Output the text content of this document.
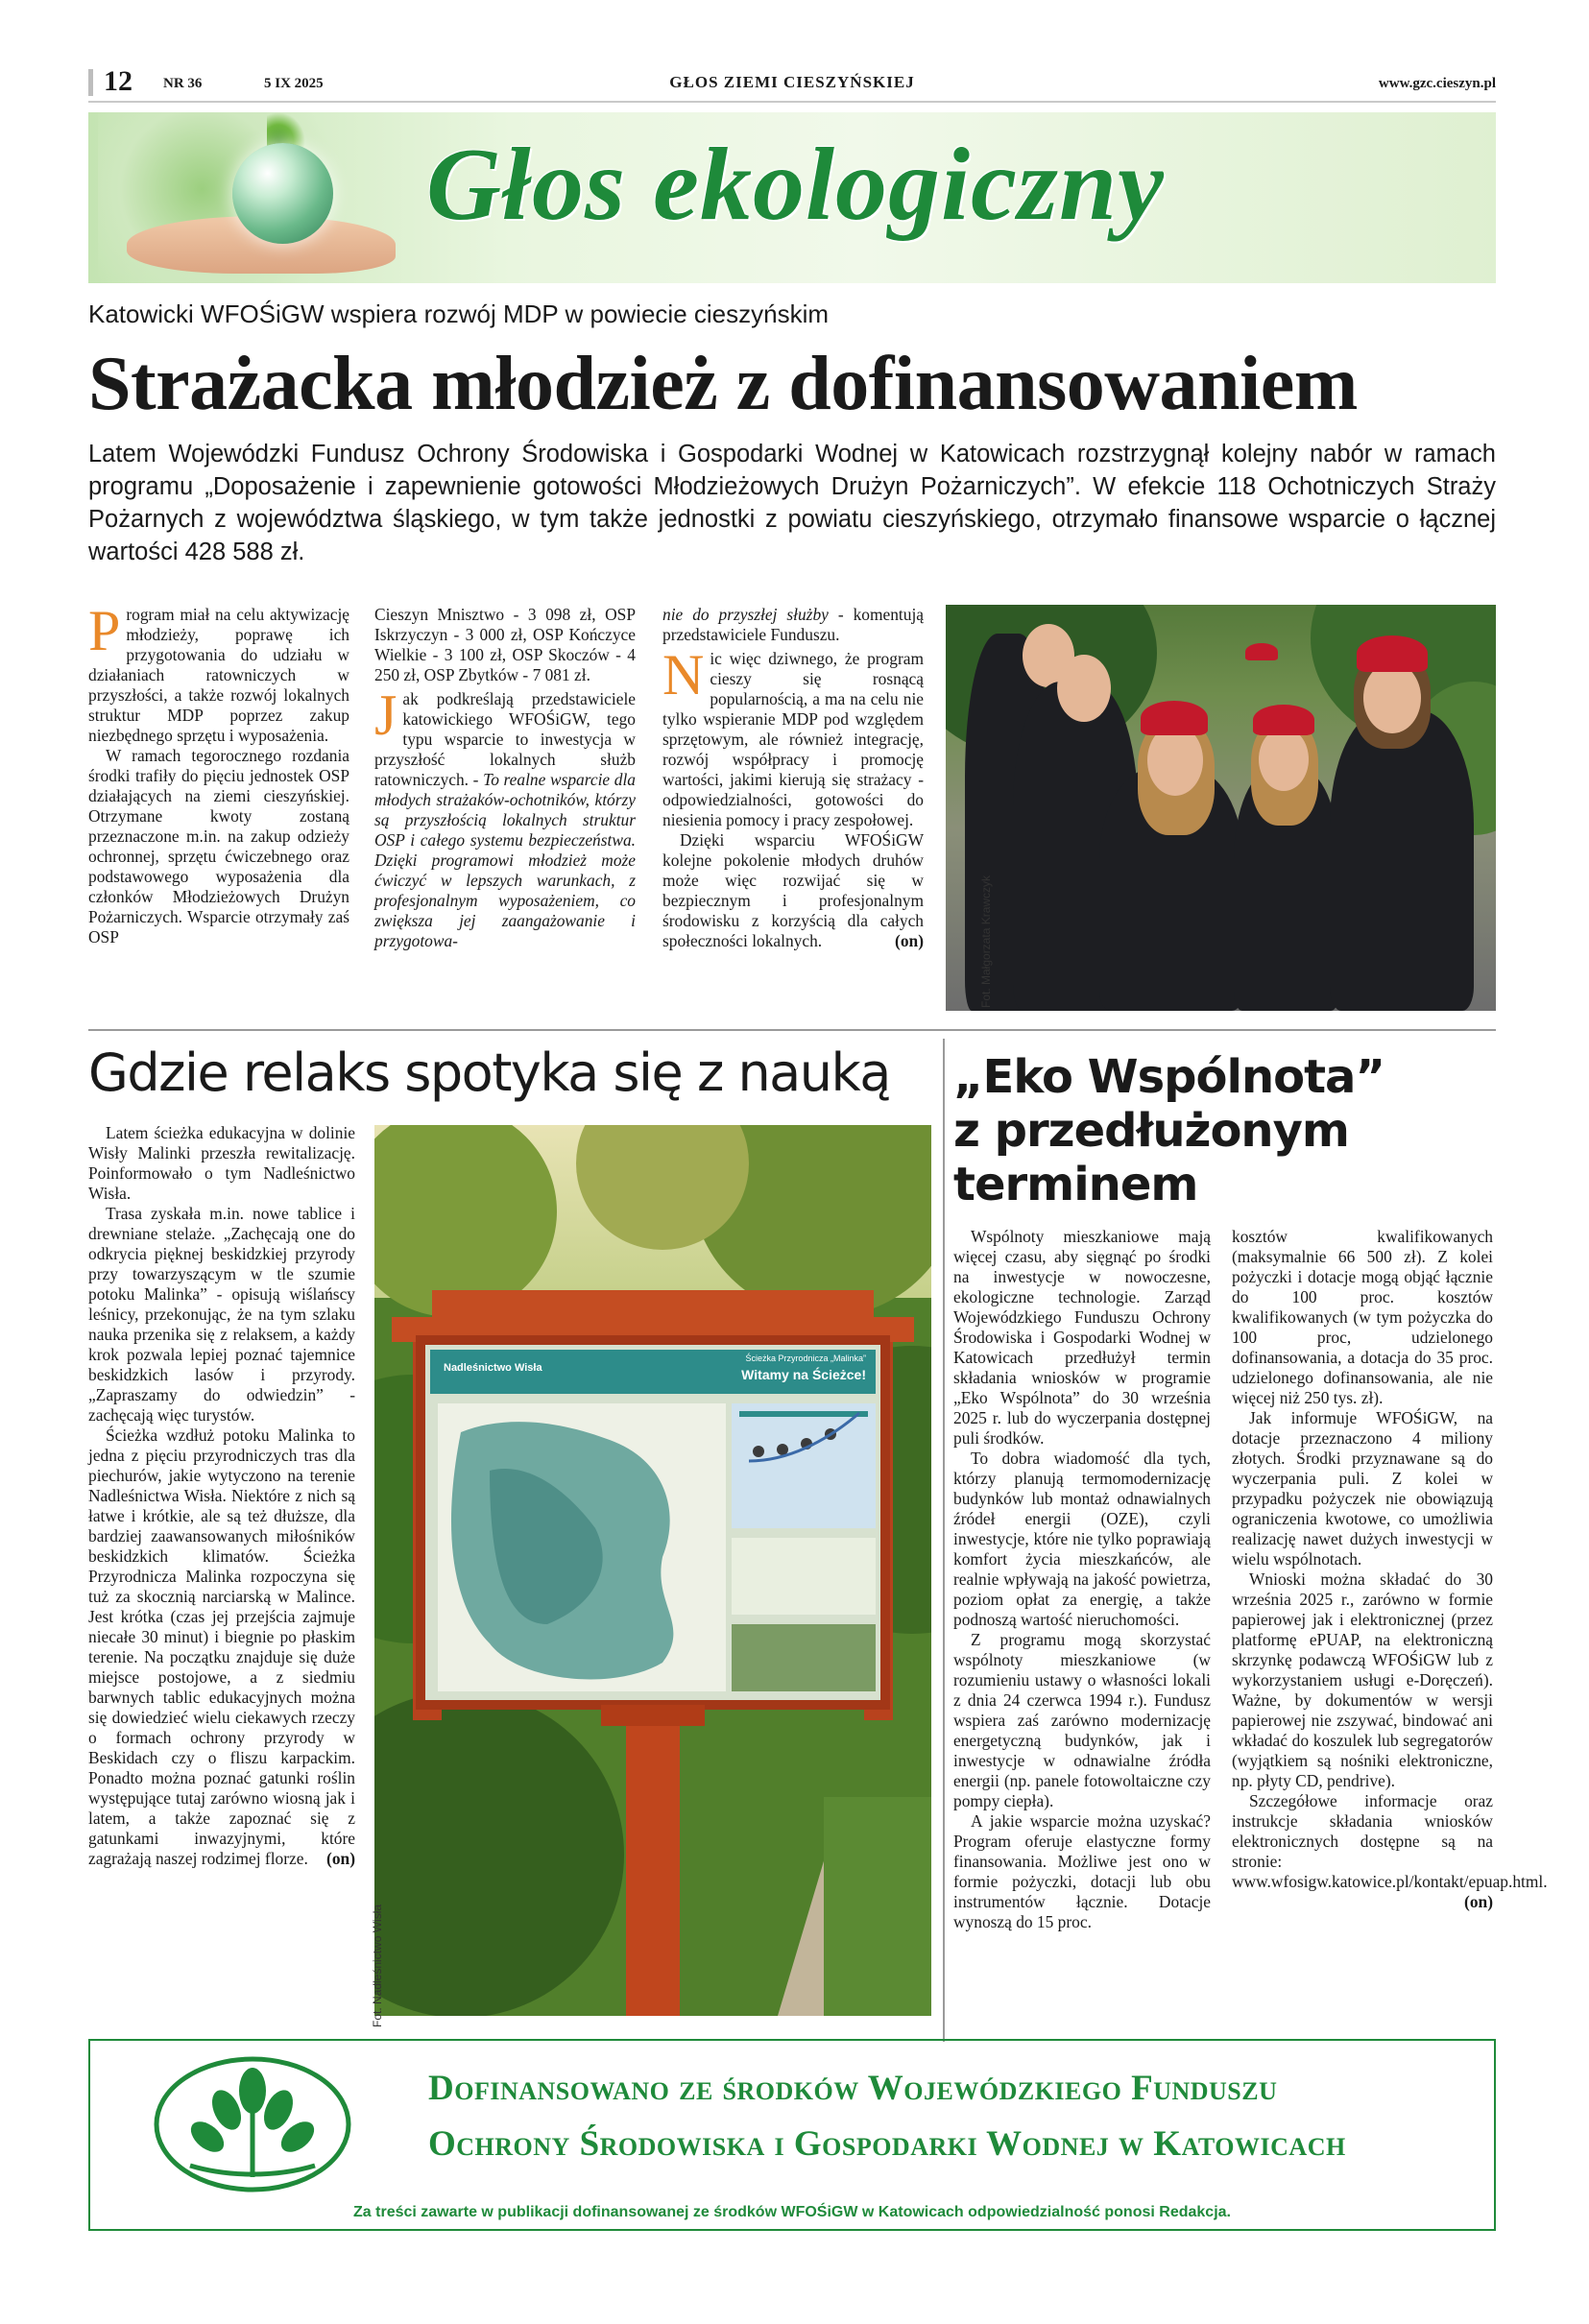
12 NR 36	5 IX 2025	GŁOS ZIEMI CIESZYŃSKIEJ	www.gzc.cieszyn.pl
Głos ekologiczny
Katowicki WFOŚiGW wspiera rozwój MDP w powiecie cieszyńskim
Strażacka młodzież z dofinansowaniem
Latem Wojewódzki Fundusz Ochrony Środowiska i Gospodarki Wodnej w Katowicach rozstrzygnął kolejny nabór w ramach programu „Doposażenie i zapewnienie gotowości Młodzieżowych Drużyn Pożarniczych”. W efekcie 118 Ochotniczych Straży Pożarnych z województwa śląskiego, w tym także jednostki z powiatu cieszyńskiego, otrzymało finansowe wsparcie o łącznej wartości 428 588 zł.

Program miał na celu aktywizację młodzieży, poprawę ich przygotowania do udziału w działaniach ratowniczych w przyszłości, a także rozwój lokalnych struktur MDP poprzez zakup niezbędnego sprzętu i wyposażenia.

W ramach tegorocznego rozdania środki trafiły do pięciu jednostek OSP działających na ziemi cieszyńskiej. Otrzymane kwoty zostaną przeznaczone m.in. na zakup odzieży ochronnej, sprzętu ćwiczebnego oraz podstawowego wyposażenia dla członków Młodzieżowych Drużyn Pożarniczych. Wsparcie otrzymały zaś OSP

Cieszyn Mnisztwo - 3 098 zł, OSP Iskrzyczyn - 3 000 zł, OSP Kończyce Wielkie - 3 100 zł, OSP Skoczów - 4 250 zł, OSP Zbytków - 7 081 zł.

Jak podkreślają przedstawiciele katowickiego WFOŚiGW, tego typu wsparcie to inwestycja w przyszłość lokalnych służb ratowniczych. - To realne wsparcie dla młodych strażaków-ochotników, którzy są przyszłością lokalnych struktur OSP i całego systemu bezpieczeństwa. Dzięki programowi młodzież może ćwiczyć w lepszych warunkach, z profesjonalnym wyposażeniem, co zwiększa jej zaangażowanie i przygotowa-

nie do przyszłej służby - komentują przedstawiciele Funduszu.

Nic więc dziwnego, że program cieszy się rosnącą popularnością, a ma na celu nie tylko wspieranie MDP pod względem sprzętowym, ale również integrację, rozwój współpracy i promocję wartości, jakimi kierują się strażacy - odpowiedzialności, gotowości do niesienia pomocy i pracy zespołowej.

Dzięki wsparciu WFOŚiGW kolejne pokolenie młodych druhów może więc rozwijać się w bezpiecznym i profesjonalnym środowisku z korzyścią dla całych społeczności lokalnych.	(on)	Fot. Małgorzata Krawczyk
Gdzie relaks spotyka się z nauką

Latem ścieżka edukacyjna w dolinie Wisły Malinki przeszła rewitalizację. Poinformowało o tym Nadleśnictwo Wisła.

Trasa zyskała m.in. nowe tablice i drewniane stelaże. „Zachęcają one do odkrycia pięknej beskidzkiej przyrody przy towarzyszącym w tle szumie potoku Malinka” - opisują wiślańscy leśnicy, przekonując, że na tym szlaku naukа przenika się z relaksem, a każdy krok pozwala lepiej poznać tajemnice beskidzkich lasów i przyrody. „Zapraszamy do odwiedzin” - zachęcają więc turystów.

Ścieżka wzdłuż potoku Malinka to jedna z pięciu przyrodniczych tras dla piechurów, jakie wytyczono na terenie Nadleśnictwa Wisła. Niektóre z nich są łatwe i krótkie, ale są też dłuższe, dla bardziej zaawansowanych miłośników beskidzkich klimatów. Ścieżka Przyrodnicza Malinka rozpoczyna się tuż za skocznią narciarską w Malince. Jest krótka (czas jej przejścia zajmuje niecałe 30 minut) i biegnie po płaskim terenie. Na początku znajduje się duże miejsce postojowe, a z siedmiu barwnych tablic edukacyjnych można się dowiedzieć wielu ciekawych rzeczy o formach ochrony przyrody w Beskidach czy o fliszu karpackim. Ponadto można poznać gatunki roślin występujące tutaj zarówno wiosną jak i latem, a także zapoznać się z gatunkami inwazyjnymi, które zagrażają naszej rodzimej florze.	(on)

Nadleśnictwo Wisła
Ścieżka Przyrodnicza „Malinka”
Witamy na Ścieżce!
Fot. Nadleśnictwo Wisła
„Eko Wspólnota”
z przedłużonym
terminem

Wspólnoty mieszkaniowe mają więcej czasu, aby sięgnąć po środki na inwestycje w nowoczesne, ekologiczne technologie. Zarząd Wojewódzkiego Funduszu Ochrony Środowiska i Gospodarki Wodnej w Katowicach przedłużył termin składania wniosków w programie „Eko Wspólnota” do 30 września 2025 r. lub do wyczerpania dostępnej puli środków.

To dobra wiadomość dla tych, którzy planują termomodernizację budynków lub montaż odnawialnych źródeł energii (OZE), czyli inwestycje, które nie tylko poprawiają komfort życia mieszkańców, ale realnie wpływają na jakość powietrza, poziom opłat za energię, a także podnoszą wartość nieruchomości.

Z programu mogą skorzystać wspólnoty mieszkaniowe (w rozumieniu ustawy o własności lokali z dnia 24 czerwca 1994 r.). Fundusz wspiera zaś zarówno modernizację energetyczną budynków, jak i inwestycje w odnawialne źródła energii (np. panele fotowoltaiczne czy pompy ciepła).

A jakie wsparcie można uzyskać? Program oferuje elastyczne formy finansowania. Możliwe jest ono w formie pożyczki, dotacji lub obu instrumentów łącznie. Dotacje wynoszą do 15 proc.

kosztów kwalifikowanych (maksymalnie 66 500 zł). Z kolei pożyczki i dotacje mogą objąć łącznie do 100 proc. kosztów kwalifikowanych (w tym pożyczka do 100 proc, udzielonego dofinansowania, a dotacja do 35 proc. udzielonego dofinansowania, ale nie więcej niż 250 tys. zł).

Jak informuje WFOŚiGW, na dotacje przeznaczono 4 miliony złotych. Środki przyznawane są do wyczerpania puli. Z kolei w przypadku pożyczek nie obowiązują ograniczenia kwotowe, co umożliwia realizację nawet dużych inwestycji w wielu wspólnotach.

Wnioski można składać do 30 września 2025 r., zarówno w formie papierowej jak i elektronicznej (przez platformę ePUAP, na elektroniczną skrzynkę podawczą WFOŚiGW lub z wykorzystaniem usługi e-Doręczeń). Ważne, by dokumentów w wersji papierowej nie zszywać, bindować ani wkładać do koszulek lub segregatorów (wyjątkiem są nośniki elektroniczne, np. płyty CD, pendrive).

Szczegółowe informacje oraz instrukcje składania wniosków elektronicznych dostępne są na stronie: www.wfosigw.katowice.pl/kontakt/epuap.html.
(on)

Dofinansowano ze środków Wojewódzkiego Funduszu
Ochrony Środowiska i Gospodarki Wodnej w Katowicach
Za treści zawarte w publikacji dofinansowanej ze środków WFOŚiGW w Katowicach odpowiedzialność ponosi Redakcja.
